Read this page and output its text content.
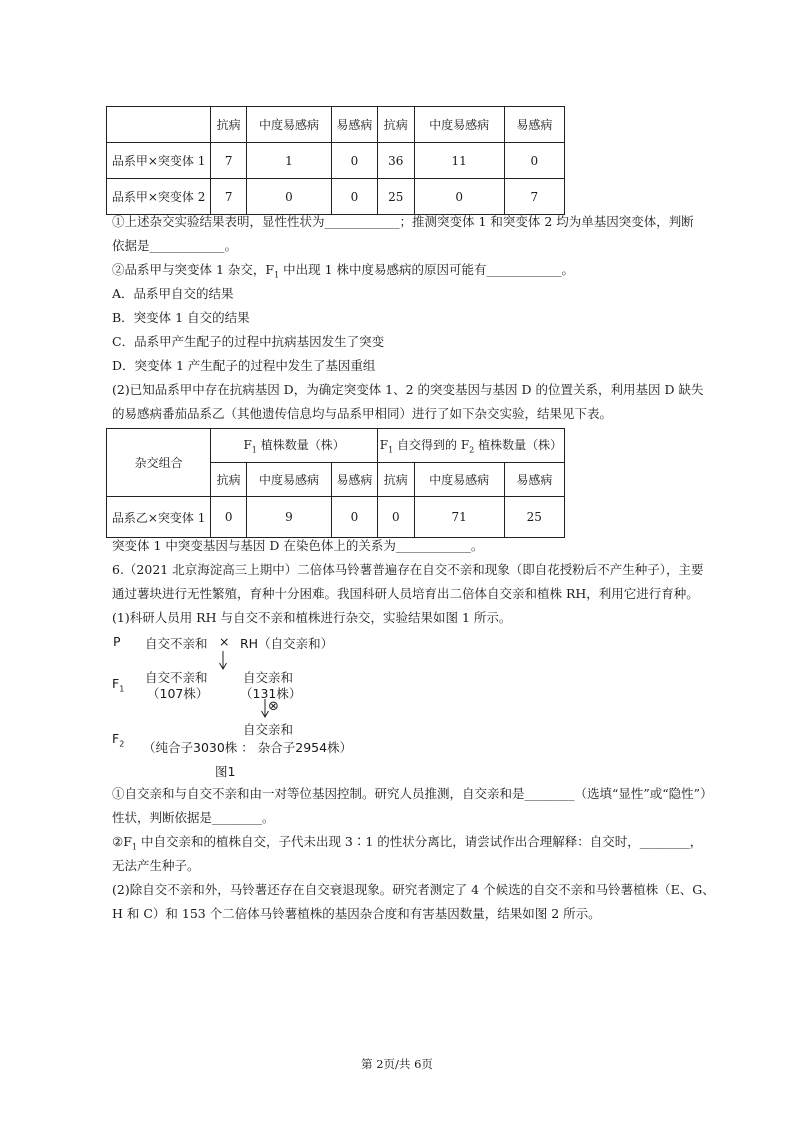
	抗病	中度易感病	易感病	抗病	中度易感病	易感病
品系甲×突变体 1	7	1	0	36	11	0
品系甲×突变体 2	7	0	0	25	0	7
①上述杂交实验结果表明，显性性状为____________；推测突变体 1 和突变体 2 均为单基因突变体，判断
依据是____________。
②品系甲与突变体 1 杂交，$F_1$ 中出现 1 株中度易感病的原因可能有____________。
A．品系甲自交的结果
B．突变体 1 自交的结果
C．品系甲产生配子的过程中抗病基因发生了突变
D．突变体 1 产生配子的过程中发生了基因重组
(2)已知品系甲中存在抗病基因 D，为确定突变体 1、2 的突变基因与基因 D 的位置关系，利用基因 D 缺失
的易感病番茄品系乙（其他遗传信息均与品系甲相同）进行了如下杂交实验，结果见下表。
杂交组合	$F_1$ 植株数量（株）			$F_1$ 自交得到的 $F_2$ 植株数量（株）		
	抗病	中度易感病	易感病	抗病	中度易感病	易感病
品系乙×突变体 1	0	9	0	0	71	25
突变体 1 中突变基因与基因 D 在染色体上的关系为____________。
6.（2021 北京海淀高三上期中）二倍体马铃薯普遍存在自交不亲和现象（即自花授粉后不产生种子），主要
通过薯块进行无性繁殖，育种十分困难。我国科研人员培育出二倍体自交亲和植株 RH，利用它进行育种。
(1)科研人员用 RH 与自交不亲和植株进行杂交，实验结果如图 1 所示。
P 自交不亲和 × RH（自交亲和）
$F_1$
自交不亲和
（107株）
自交亲和
（131株）
⊗
$F_2$
自交亲和
（纯合子3030株 ： 杂合子2954株）
图1
①自交亲和与自交不亲和由一对等位基因控制。研究人员推测，自交亲和是________（选填“显性”或“隐性”）
性状，判断依据是________。
$②F_1$ 中自交亲和的植株自交，子代未出现 3∶1 的性状分离比，请尝试作出合理解释：自交时，________，
无法产生种子。
(2)除自交不亲和外，马铃薯还存在自交衰退现象。研究者测定了 4 个候选的自交不亲和马铃薯植株（E、G、
H 和 C）和 153 个二倍体马铃薯植株的基因杂合度和有害基因数量，结果如图 2 所示。
第 2页/共 6页
